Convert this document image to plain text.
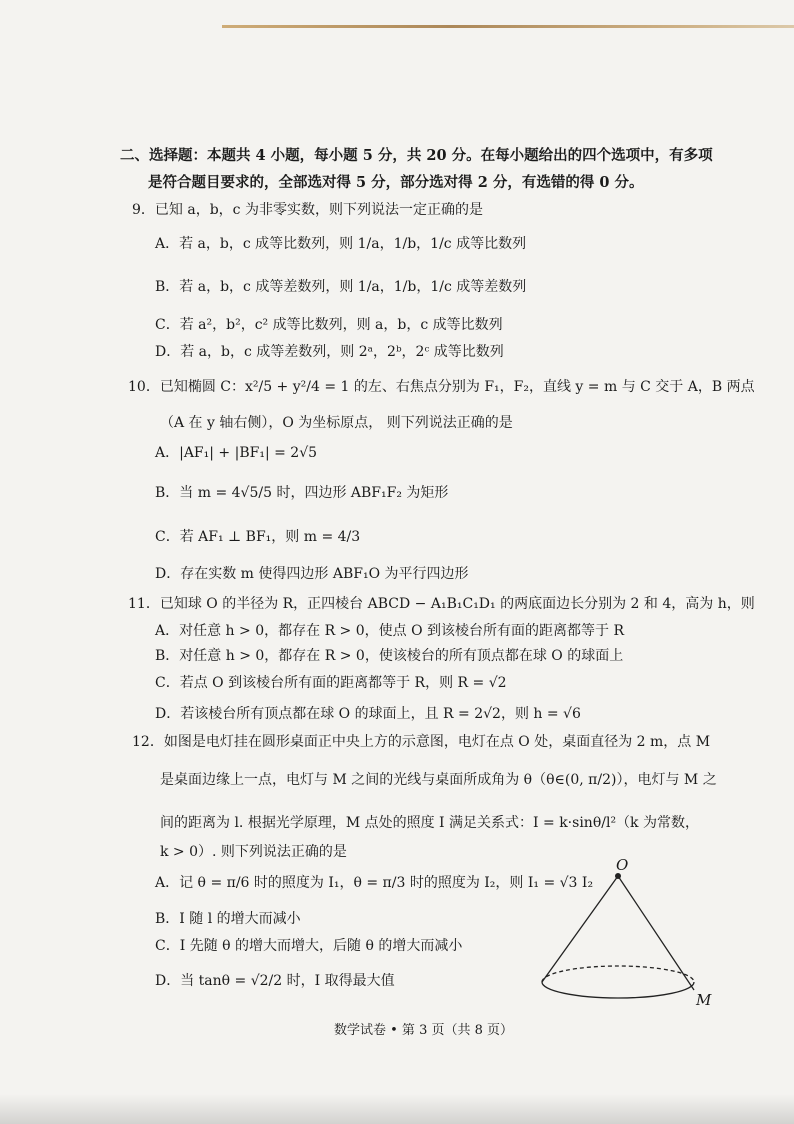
二、选择题：本题共 4 小题，每小题 5 分，共 20 分。在每小题给出的四个选项中，有多项
是符合题目要求的，全部选对得 5 分，部分选对得 2 分，有选错的得 0 分。
9．已知 a，b，c 为非零实数，则下列说法一定正确的是
A．若 a，b，c 成等比数列，则 1/a，1/b，1/c 成等比数列
B．若 a，b，c 成等差数列，则 1/a，1/b，1/c 成等差数列
C．若 a²，b²，c² 成等比数列，则 a，b，c 成等比数列
D．若 a，b，c 成等差数列，则 2ᵃ，2ᵇ，2ᶜ 成等比数列
10．已知椭圆 C：x²/5 + y²/4 = 1 的左、右焦点分别为 F₁，F₂，直线 y = m 与 C 交于 A，B 两点
（A 在 y 轴右侧），O 为坐标原点， 则下列说法正确的是
A．|AF₁| + |BF₁| = 2√5
B．当 m = 4√5/5 时，四边形 ABF₁F₂ 为矩形
C．若 AF₁ ⊥ BF₁，则 m = 4/3
D．存在实数 m 使得四边形 ABF₁O 为平行四边形
11．已知球 O 的半径为 R，正四棱台 ABCD − A₁B₁C₁D₁ 的两底面边长分别为 2 和 4，高为 h，则
A．对任意 h > 0，都存在 R > 0，使点 O 到该棱台所有面的距离都等于 R
B．对任意 h > 0，都存在 R > 0，使该棱台的所有顶点都在球 O 的球面上
C．若点 O 到该棱台所有面的距离都等于 R，则 R = √2
D．若该棱台所有顶点都在球 O 的球面上，且 R = 2√2，则 h = √6
12．如图是电灯挂在圆形桌面正中央上方的示意图，电灯在点 O 处，桌面直径为 2 m，点 M
是桌面边缘上一点，电灯与 M 之间的光线与桌面所成角为 θ（θ∈(0, π/2)），电灯与 M 之
间的距离为 l. 根据光学原理，M 点处的照度 I 满足关系式：I = k·sinθ/l²（k 为常数，
k > 0）. 则下列说法正确的是
A．记 θ = π/6 时的照度为 I₁，θ = π/3 时的照度为 I₂，则 I₁ = √3 I₂
B．I 随 l 的增大而减小
C．I 先随 θ 的增大而增大，后随 θ 的增大而减小
D．当 tanθ = √2/2 时，I 取得最大值
O
M
数学试卷 • 第 3 页（共 8 页）
